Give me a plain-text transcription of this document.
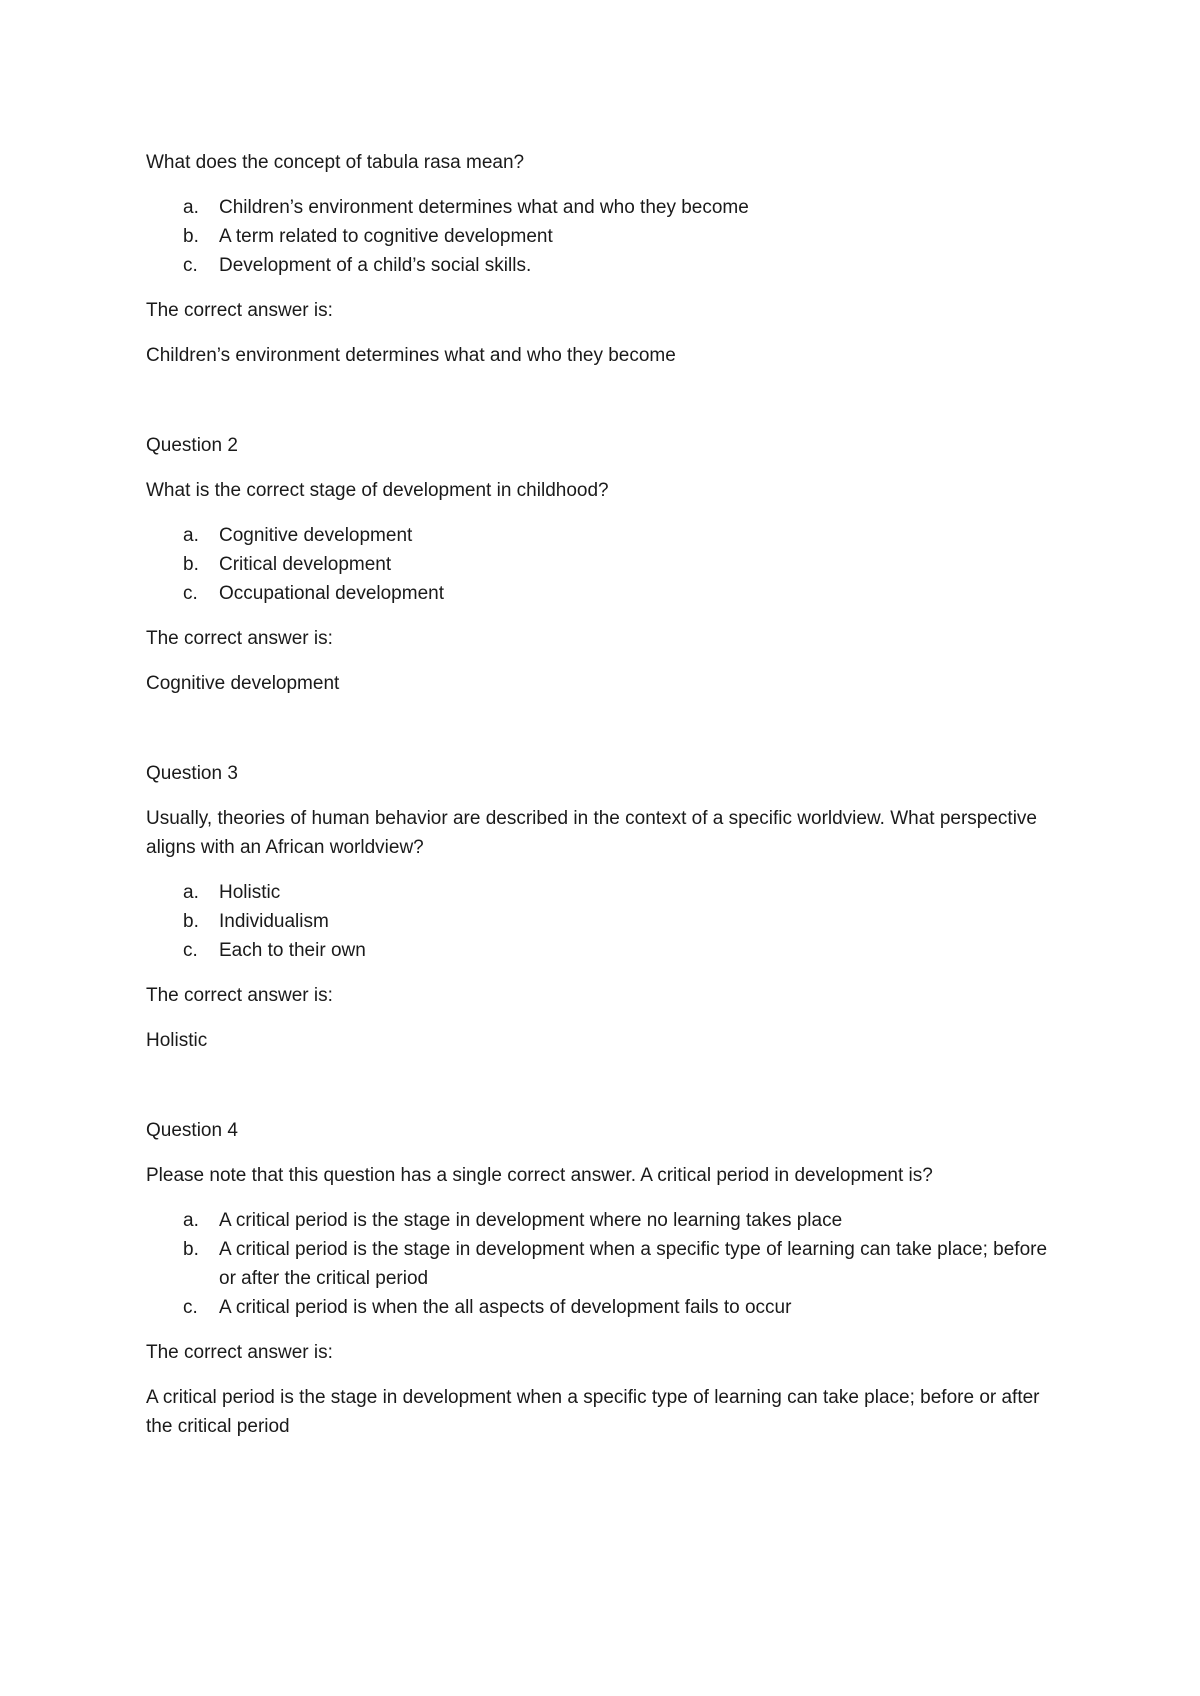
What does the concept of tabula rasa mean?

a.	Children’s environment determines what and who they become
b.	A term related to cognitive development
c.	Development of a child’s social skills.

The correct answer is:

Children’s environment determines what and who they become

Question 2

What is the correct stage of development in childhood?

a.	Cognitive development
b.	Critical development
c.	Occupational development

The correct answer is:

Cognitive development

Question 3

Usually, theories of human behavior are described in the context of a specific worldview. What perspective aligns with an African worldview?

a.	Holistic
b.	Individualism
c.	Each to their own

The correct answer is:

Holistic

Question 4

Please note that this question has a single correct answer. A critical period in development is?

a.	A critical period is the stage in development where no learning takes place
b.	A critical period is the stage in development when a specific type of learning can take place; before or after the critical period
c.	A critical period is when the all aspects of development fails to occur

The correct answer is:

A critical period is the stage in development when a specific type of learning can take place; before or after the critical period
